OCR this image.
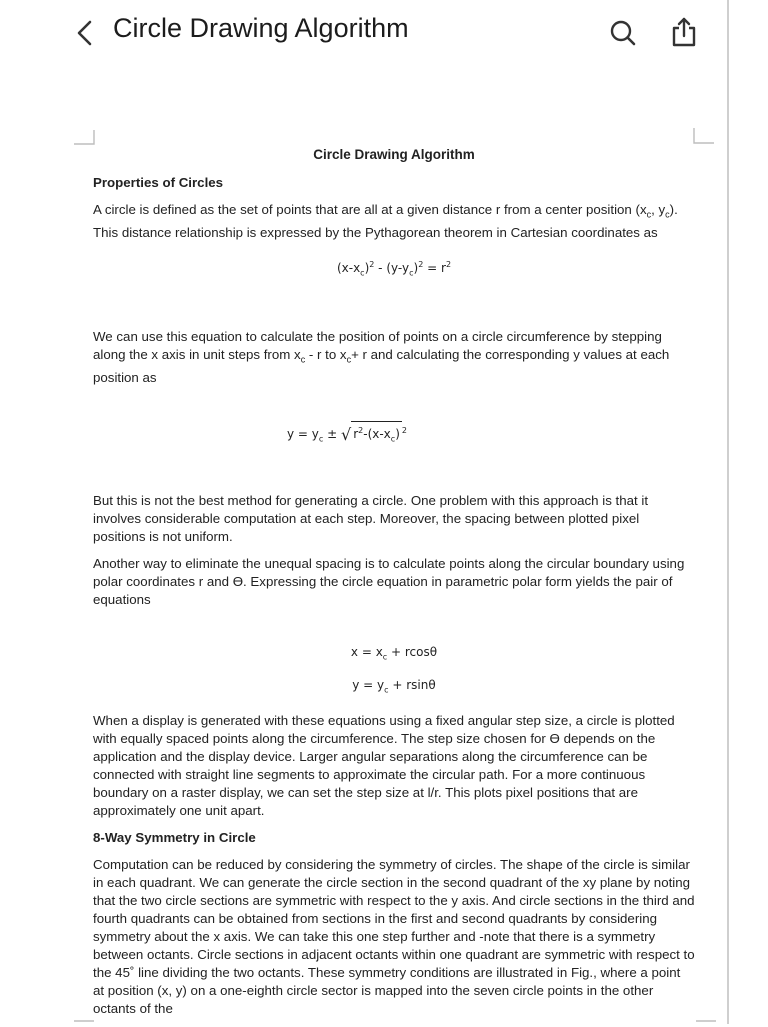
Circle Drawing Algorithm
Circle Drawing Algorithm
Properties of Circles

A circle is defined as the set of points that are all at a given distance r from a center position ($x_c$, $y_c$). This distance relationship is expressed by the Pythagorean theorem in Cartesian coordinates as

$(x-x_c)^2 - (y-y_c)^2 = r^2$

We can use this equation to calculate the position of points on a circle circumference by stepping along the x axis in unit steps from $x_c$ - r to $x_c+ r$ and calculating the corresponding y values at each position as

$y = y_c$ ± √ $r^2-(x-x_c)$ $^2$

But this is not the best method for generating a circle. One problem with this approach is that it involves considerable computation at each step. Moreover, the spacing between plotted pixel positions is not uniform.

Another way to eliminate the unequal spacing is to calculate points along the circular boundary using polar coordinates r and ϴ. Expressing the circle equation in parametric polar form yields the pair of equations

$x = x_c + rcos\theta$
$y = y_c + rsin\theta$

When a display is generated with these equations using a fixed angular step size, a circle is plotted with equally spaced points along the circumference. The step size chosen for ϴ depends on the application and the display device. Larger angular separations along the circumference can be connected with straight line segments to approximate the circular path. For a more continuous boundary on a raster display, we can set the step size at l/r. This plots pixel positions that are approximately one unit apart.

8-Way Symmetry in Circle

Computation can be reduced by considering the symmetry of circles. The shape of the circle is similar in each quadrant. We can generate the circle section in the second quadrant of the xy plane by noting that the two circle sections are symmetric with respect to the y axis. And circle sections in the third and fourth quadrants can be obtained from sections in the first and second quadrants by considering symmetry about the x axis. We can take this one step further and -note that there is a symmetry between octants. Circle sections in adjacent octants within one quadrant are symmetric with respect to the 45˚ line dividing the two octants. These symmetry conditions are illustrated in Fig., where a point at position (x, y) on a one-eighth circle sector is mapped into the seven circle points in the other octants of the
